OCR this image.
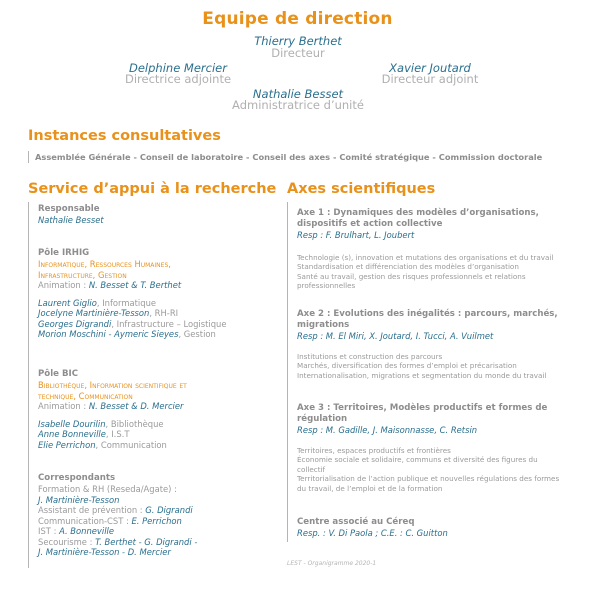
Equipe de direction
Thierry Berthet
Directeur
Delphine Mercier
Directrice adjointe
Xavier Joutard
Directeur adjoint
Nathalie Besset
Administratrice d’unité
Instances consultatives
Assemblée Générale - Conseil de laboratoire - Conseil des axes - Comité stratégique - Commission doctorale
Service d’appui à la recherche
Responsable
Nathalie Besset
Pôle IRHIG
Informatique, Ressources Humaines,
Infrastructure, Gestion
Animation : N. Besset & T. Berthet
Laurent Giglio, Informatique
Jocelyne Martinière-Tesson, RH-RI
Georges Digrandi, Infrastructure – Logistique
Morion Moschini - Aymeric Sieyes, Gestion
Pôle BIC
Bibliothèque, Information scientifique et
technique, Communication
Animation : N. Besset & D. Mercier
Isabelle Dourilin, Bibliothèque
Anne Bonneville, I.S.T
Elie Perrichon, Communication
Correspondants
Formation & RH (Reseda/Agate) :
J. Martinière-Tesson
Assistant de prévention : G. Digrandi
Communication-CST : E. Perrichon
IST : A. Bonneville
Secourisme : T. Berthet - G. Digrandi -
J. Martinière-Tesson - D. Mercier
Axes scientifiques
Axe 1 : Dynamiques des modèles d’organisations,
dispositifs et action collective
Resp : F. Brulhart, L. Joubert
Technologie (s), innovation et mutations des organisations et du travail
Standardisation et différenciation des modèles d’organisation
Santé au travail, gestion des risques professionnels et relations
professionnelles
Axe 2 : Evolutions des inégalités : parcours, marchés,
migrations
Resp : M. El Miri, X. Joutard, I. Tucci, A. Vuilmet
Institutions et construction des parcours
Marchés, diversification des formes d’emploi et précarisation
Internationalisation, migrations et segmentation du monde du travail
Axe 3 : Territoires, Modèles productifs et formes de
régulation
Resp : M. Gadille, J. Maisonnasse, C. Retsin
Territoires, espaces productifs et frontières
Économie sociale et solidaire, communs et diversité des figures du
collectif
Territorialisation de l’action publique et nouvelles régulations des formes
du travail, de l’emploi et de la formation
Centre associé au Céreq
Resp. : V. Di Paola ; C.E. : C. Guitton
LEST - Organigramme 2020-1
